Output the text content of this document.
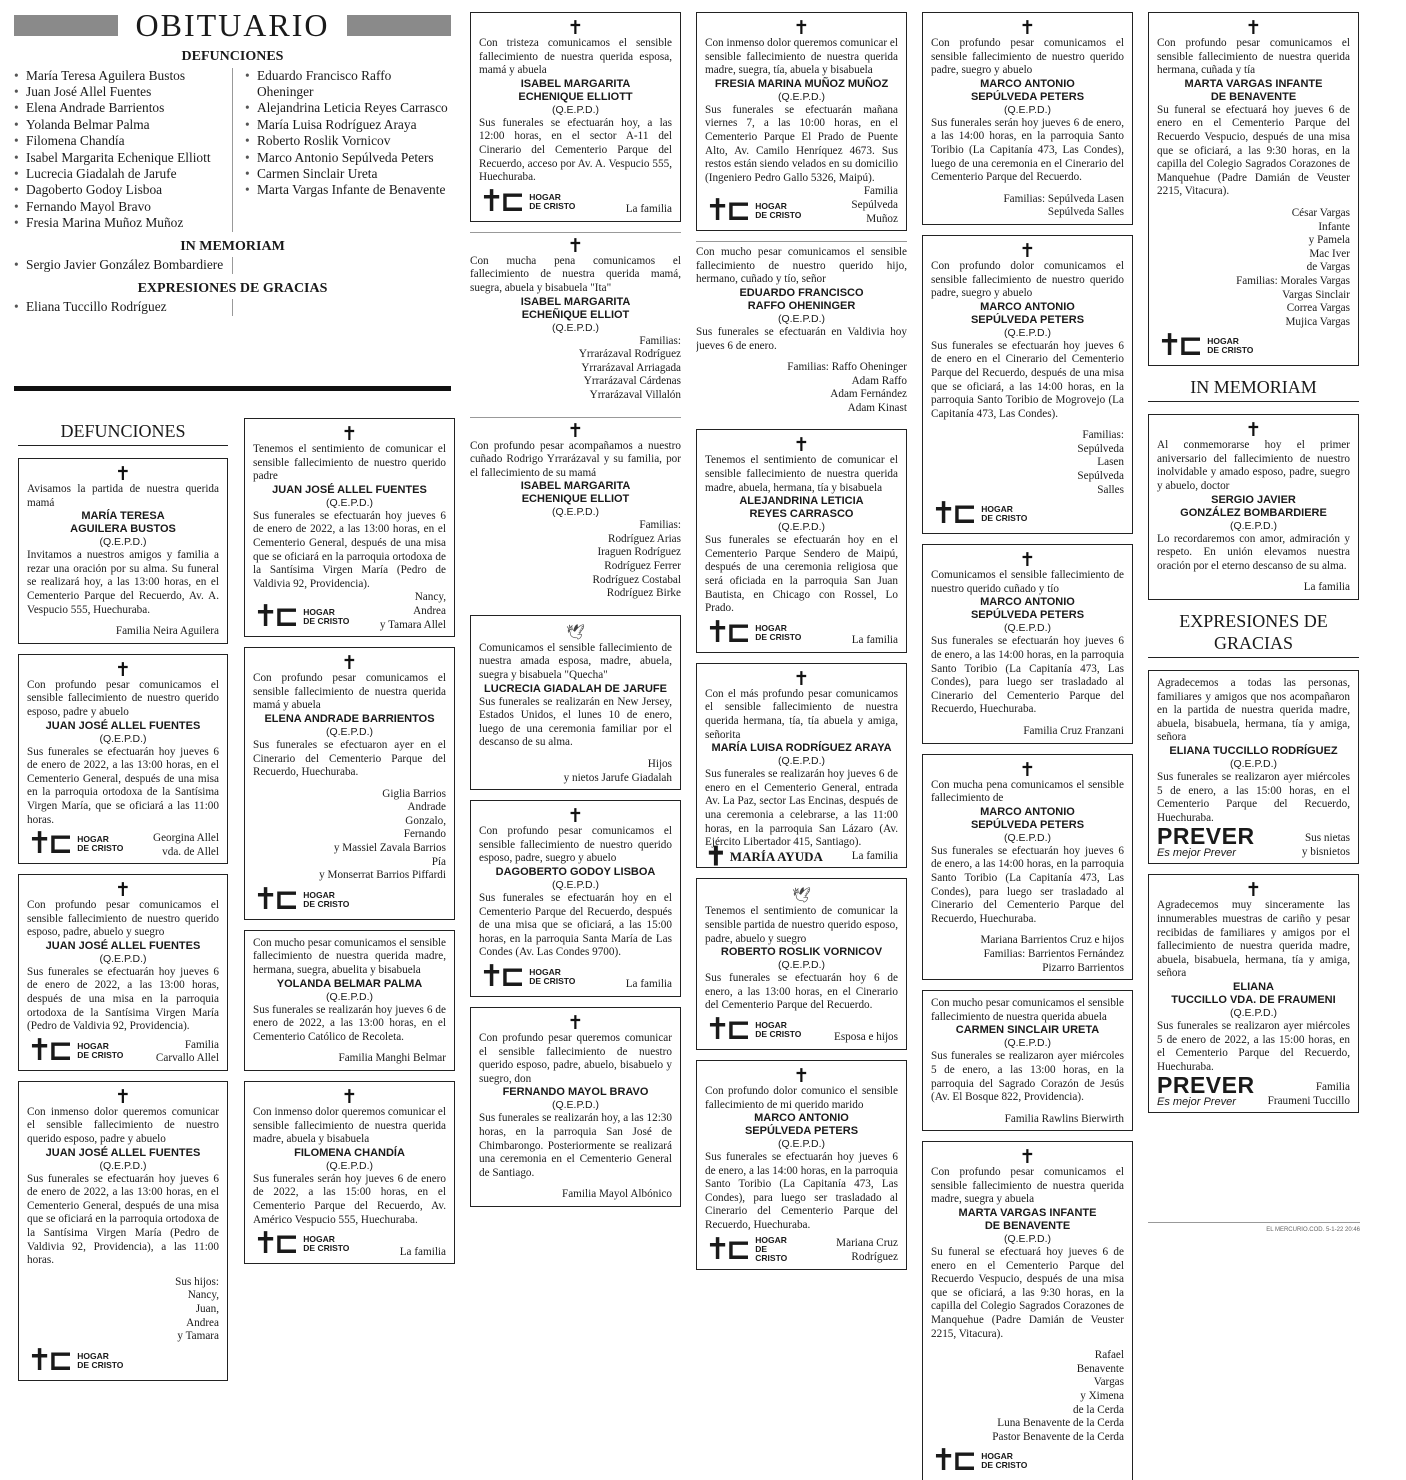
OBITUARIO
DEFUNCIONES
• María Teresa Aguilera Bustos
• Juan José Allel Fuentes
• Elena Andrade Barrientos
• Yolanda Belmar Palma
• Filomena Chandía
• Isabel Margarita Echenique Elliott
• Lucrecia Giadalah de Jarufe
• Dagoberto Godoy Lisboa
• Fernando Mayol Bravo
• Fresia Marina Muñoz Muñoz
• Eduardo Francisco Raffo Oheninger
• Alejandrina Leticia Reyes Carrasco
• María Luisa Rodríguez Araya
• Roberto Roslik Vornicov
• Marco Antonio Sepúlveda Peters
• Carmen Sinclair Ureta
• Marta Vargas Infante de Benavente
IN MEMORIAM
• Sergio Javier González Bombardiere
EXPRESIONES DE GRACIAS
• Eliana Tuccillo Rodríguez
DEFUNCIONES
✝
Avisamos la partida de nuestra querida mamá
MARÍA TERESA
AGUILERA BUSTOS
(Q.E.P.D.)
Invitamos a nuestros amigos y familia a rezar una oración por su alma. Su funeral se realizará hoy, a las 13:00 horas, en el Cementerio Parque del Recuerdo, Av. A. Vespucio 555, Huechuraba.
Familia Neira Aguilera
✝
Con profundo pesar comunicamos el sensible fallecimiento de nuestro querido esposo, padre y abuelo
JUAN JOSÉ ALLEL FUENTES
(Q.E.P.D.)
Sus funerales se efectuarán hoy jueves 6 de enero de 2022, a las 13:00 horas, en el Cementerio General, después de una misa en la parroquia ortodoxa de la Santísima Virgen María, que se oficiará a las 11:00 horas.
✝⊏ HOGAR
DE CRISTO
Georgina Allel
vda. de Allel
✝
Con profundo pesar comunicamos el sensible fallecimiento de nuestro querido esposo, padre, abuelo y suegro
JUAN JOSÉ ALLEL FUENTES
(Q.E.P.D.)
Sus funerales se efectuarán hoy jueves 6 de enero de 2022, a las 13:00 horas, después de una misa en la parroquia ortodoxa de la Santísima Virgen María (Pedro de Valdivia 92, Providencia).
✝⊏ HOGAR
DE CRISTO
Familia
Carvallo Allel
✝
Con inmenso dolor queremos comunicar el sensible fallecimiento de nuestro querido esposo, padre y abuelo
JUAN JOSÉ ALLEL FUENTES
(Q.E.P.D.)
Sus funerales se efectuarán hoy jueves 6 de enero de 2022, a las 13:00 horas, en el Cementerio General, después de una misa que se oficiará en la parroquia ortodoxa de la Santísima Virgen María (Pedro de Valdivia 92, Providencia), a las 11:00 horas.
Sus hijos:
Nancy,
Juan,
Andrea
y Tamara
✝⊏ HOGAR
DE CRISTO
✝
Tenemos el sentimiento de comunicar el sensible fallecimiento de nuestro querido padre
JUAN JOSÉ ALLEL FUENTES
(Q.E.P.D.)
Sus funerales se efectuarán hoy jueves 6 de enero de 2022, a las 13:00 horas, en el Cementerio General, después de una misa que se oficiará en la parroquia ortodoxa de la Santísima Virgen María (Pedro de Valdivia 92, Providencia).
✝⊏ HOGAR
DE CRISTO
Nancy,
Andrea
y Tamara Allel
✝
Con profundo pesar comunicamos el sensible fallecimiento de nuestra querida mamá y abuela
ELENA ANDRADE BARRIENTOS
(Q.E.P.D.)
Sus funerales se efectuaron ayer en el Cinerario del Cementerio Parque del Recuerdo, Huechuraba.
Giglia Barrios
Andrade
Gonzalo,
Fernando
y Massiel Zavala Barrios
Pía
y Monserrat Barrios Piffardi
✝⊏ HOGAR
DE CRISTO
Con mucho pesar comunicamos el sensible fallecimiento de nuestra querida madre, hermana, suegra, abuelita y bisabuela
YOLANDA BELMAR PALMA
(Q.E.P.D.)
Sus funerales se realizarán hoy jueves 6 de enero de 2022, a las 13:00 horas, en el Cementerio Católico de Recoleta.
Familia Manghi Belmar
✝
Con inmenso dolor queremos comunicar el sensible fallecimiento de nuestra querida madre, abuela y bisabuela
FILOMENA CHANDÍA
(Q.E.P.D.)
Sus funerales serán hoy jueves 6 de enero de 2022, a las 15:00 horas, en el Cementerio Parque del Recuerdo, Av. Américo Vespucio 555, Huechuraba.
✝⊏ HOGAR
DE CRISTO	La familia
✝
Con tristeza comunicamos el sensible fallecimiento de nuestra querida esposa, mamá y abuela
ISABEL MARGARITA
ECHENIQUE ELLIOTT
(Q.E.P.D.)
Sus funerales se efectuarán hoy, a las 12:00 horas, en el sector A-11 del Cinerario del Cementerio Parque del Recuerdo, acceso por Av. A. Vespucio 555, Huechuraba.
✝⊏ HOGAR
DE CRISTO	La familia
✝
Con mucha pena comunicamos el fallecimiento de nuestra querida mamá, suegra, abuela y bisabuela "Ita"
ISABEL MARGARITA
ECHEÑIQUE ELLIOT
(Q.E.P.D.)
Familias:
Yrrarázaval Rodríguez
Yrrarázaval Arriagada
Yrrarázaval Cárdenas
Yrrarázaval Villalón
✝
Con profundo pesar acompañamos a nuestro cuñado Rodrigo Yrrarázaval y su familia, por el fallecimiento de su mamá
ISABEL MARGARITA
ECHENIQUE ELLIOT
(Q.E.P.D.)
Familias:
Rodríguez Arias
Iraguen Rodríguez
Rodríguez Ferrer
Rodríguez Costabal
Rodríguez Birke
🕊
Comunicamos el sensible fallecimiento de nuestra amada esposa, madre, abuela, suegra y bisabuela "Quecha"
LUCRECIA GIADALAH DE JARUFE
Sus funerales se realizarán en New Jersey, Estados Unidos, el lunes 10 de enero, luego de una ceremonia familiar por el descanso de su alma.
Hijos
y nietos Jarufe Giadalah
✝
Con profundo pesar comunicamos el sensible fallecimiento de nuestro querido esposo, padre, suegro y abuelo
DAGOBERTO GODOY LISBOA
(Q.E.P.D.)
Sus funerales se efectuarán hoy en el Cementerio Parque del Recuerdo, después de una misa que se oficiará, a las 15:00 horas, en la parroquia Santa María de Las Condes (Av. Las Condes 9700).
✝⊏ HOGAR
DE CRISTO	La familia
✝
Con profundo pesar queremos comunicar el sensible fallecimiento de nuestro querido esposo, padre, abuelo, bisabuelo y suegro, don
FERNANDO MAYOL BRAVO
(Q.E.P.D.)
Sus funerales se realizarán hoy, a las 12:30 horas, en la parroquia San José de Chimbarongo. Posteriormente se realizará una ceremonia en el Cementerio General de Santiago.
Familia Mayol Albónico
✝
Con inmenso dolor queremos comunicar el sensible fallecimiento de nuestra querida madre, suegra, tía, abuela y bisabuela
FRESIA MARINA MUÑOZ MUÑOZ
(Q.E.P.D.)
Sus funerales se efectuarán mañana viernes 7, a las 10:00 horas, en el Cementerio Parque El Prado de Puente Alto, Av. Camilo Henríquez 4673. Sus restos están siendo velados en su domicilio (Ingeniero Pedro Gallo 5326, Maipú).
✝⊏ HOGAR
DE CRISTO
Familia
Sepúlveda
Muñoz
Con mucho pesar comunicamos el sensible fallecimiento de nuestro querido hijo, hermano, cuñado y tío, señor
EDUARDO FRANCISCO
RAFFO OHENINGER
(Q.E.P.D.)
Sus funerales se efectuarán en Valdivia hoy jueves 6 de enero.
Familias: Raffo Oheninger
Adam Raffo
Adam Fernández
Adam Kinast
✝
Tenemos el sentimiento de comunicar el sensible fallecimiento de nuestra querida madre, abuela, hermana, tía y bisabuela
ALEJANDRINA LETICIA
REYES CARRASCO
(Q.E.P.D.)
Sus funerales se efectuarán hoy en el Cementerio Parque Sendero de Maipú, después de una ceremonia religiosa que será oficiada en la parroquia San Juan Bautista, en Chicago con Rossel, Lo Prado.
✝⊏ HOGAR
DE CRISTO	La familia
✝
Con el más profundo pesar comunicamos el sensible fallecimiento de nuestra querida hermana, tía, tía abuela y amiga, señorita
MARÍA LUISA RODRÍGUEZ ARAYA
(Q.E.P.D.)
Sus funerales se realizarán hoy jueves 6 de enero en el Cementerio General, entrada Av. La Paz, sector Las Encinas, después de una ceremonia a celebrarse, a las 11:00 horas, en la parroquia San Lázaro (Av. Ejército Libertador 415, Santiago).
✝ MARÍA AYUDA	La familia
🕊
Tenemos el sentimiento de comunicar la sensible partida de nuestro querido esposo, padre, abuelo y suegro
ROBERTO ROSLIK VORNICOV
(Q.E.P.D.)
Sus funerales se efectuarán hoy 6 de enero, a las 13:00 horas, en el Cinerario del Cementerio Parque del Recuerdo.
✝⊏ HOGAR
DE CRISTO	Esposa e hijos
✝
Con profundo dolor comunico el sensible fallecimiento de mi querido marido
MARCO ANTONIO
SEPÚLVEDA PETERS
(Q.E.P.D.)
Sus funerales se efectuarán hoy jueves 6 de enero, a las 14:00 horas, en la parroquia Santo Toribio (La Capitanía 473, Las Condes), para luego ser trasladado al Cinerario del Cementerio Parque del Recuerdo, Huechuraba.
✝⊏ HOGAR
DE CRISTO
Mariana Cruz Rodríguez
✝
Con profundo pesar comunicamos el sensible fallecimiento de nuestro querido padre, suegro y abuelo
MARCO ANTONIO
SEPÚLVEDA PETERS
(Q.E.P.D.)
Sus funerales serán hoy jueves 6 de enero, a las 14:00 horas, en la parroquia Santo Toribio (La Capitanía 473, Las Condes), luego de una ceremonia en el Cinerario del Cementerio Parque del Recuerdo.
Familias: Sepúlveda Lasen
Sepúlveda Salles
✝
Con profundo dolor comunicamos el sensible fallecimiento de nuestro querido padre, suegro y abuelo
MARCO ANTONIO
SEPÚLVEDA PETERS
(Q.E.P.D.)
Sus funerales se efectuarán hoy jueves 6 de enero en el Cinerario del Cementerio Parque del Recuerdo, después de una misa que se oficiará, a las 14:00 horas, en la parroquia Santo Toribio de Mogrovejo (La Capitanía 473, Las Condes).
Familias:
Sepúlveda
Lasen
Sepúlveda
Salles
✝⊏ HOGAR
DE CRISTO
✝
Comunicamos el sensible fallecimiento de nuestro querido cuñado y tío
MARCO ANTONIO
SEPÚLVEDA PETERS
(Q.E.P.D.)
Sus funerales se efectuarán hoy jueves 6 de enero, a las 14:00 horas, en la parroquia Santo Toribio (La Capitanía 473, Las Condes), para luego ser trasladado al Cinerario del Cementerio Parque del Recuerdo, Huechuraba.
Familia Cruz Franzani
✝
Con mucha pena comunicamos el sensible fallecimiento de
MARCO ANTONIO
SEPÚLVEDA PETERS
(Q.E.P.D.)
Sus funerales se efectuarán hoy jueves 6 de enero, a las 14:00 horas, en la parroquia Santo Toribio (La Capitanía 473, Las Condes), para luego ser trasladado al Cinerario del Cementerio Parque del Recuerdo, Huechuraba.
Mariana Barrientos Cruz e hijos
Familias: Barrientos Fernández
Pizarro Barrientos
Con mucho pesar comunicamos el sensible fallecimiento de nuestra querida abuela
CARMEN SINCLAIR URETA
(Q.E.P.D.)
Sus funerales se realizaron ayer miércoles 5 de enero, a las 13:00 horas, en la parroquia del Sagrado Corazón de Jesús (Av. El Bosque 822, Providencia).
Familia Rawlins Bierwirth
✝
Con profundo pesar comunicamos el sensible fallecimiento de nuestra querida madre, suegra y abuela
MARTA VARGAS INFANTE
DE BENAVENTE
(Q.E.P.D.)
Su funeral se efectuará hoy jueves 6 de enero en el Cementerio Parque del Recuerdo Vespucio, después de una misa que se oficiará, a las 9:30 horas, en la capilla del Colegio Sagrados Corazones de Manquehue (Padre Damián de Veuster 2215, Vitacura).
Rafael
Benavente
Vargas
y Ximena
de la Cerda
Luna Benavente de la Cerda
Pastor Benavente de la Cerda
✝⊏ HOGAR
DE CRISTO
✝
Con profundo pesar comunicamos el sensible fallecimiento de nuestra querida hermana, cuñada y tía
MARTA VARGAS INFANTE
DE BENAVENTE
Su funeral se efectuará hoy jueves 6 de enero en el Cementerio Parque del Recuerdo Vespucio, después de una misa que se oficiará, a las 9:30 horas, en la capilla del Colegio Sagrados Corazones de Manquehue (Padre Damián de Veuster 2215, Vitacura).
César Vargas
Infante
y Pamela
Mac Iver
de Vargas
Familias: Morales Vargas
Vargas Sinclair
Correa Vargas
Mujica Vargas
✝⊏ HOGAR
DE CRISTO
IN MEMORIAM
✝
Al conmemorarse hoy el primer aniversario del fallecimiento de nuestro inolvidable y amado esposo, padre, suegro y abuelo, doctor
SERGIO JAVIER
GONZÁLEZ BOMBARDIERE
(Q.E.P.D.)
Lo recordaremos con amor, admiración y respeto. En unión elevamos nuestra oración por el eterno descanso de su alma.
La familia
EXPRESIONES DE GRACIAS
Agradecemos a todas las personas, familiares y amigos que nos acompañaron en la partida de nuestra querida madre, abuela, bisabuela, hermana, tía y amiga, señora
ELIANA TUCCILLO RODRÍGUEZ
(Q.E.P.D.)
Sus funerales se realizaron ayer miércoles 5 de enero, a las 15:00 horas, en el Cementerio Parque del Recuerdo, Huechuraba.
PREVER
Es mejor Prever
Sus nietas
y bisnietos
✝
Agradecemos muy sinceramente las innumerables muestras de cariño y pesar recibidas de familiares y amigos por el fallecimiento de nuestra querida madre, abuela, bisabuela, hermana, tía y amiga, señora
ELIANA
TUCCILLO VDA. DE FRAUMENI
(Q.E.P.D.)
Sus funerales se realizaron ayer miércoles 5 de enero de 2022, a las 15:00 horas, en el Cementerio Parque del Recuerdo, Huechuraba.
PREVER
Es mejor Prever
Familia
Fraumeni Tuccillo
EL MERCURIO.COD. 5-1-22 20:46
